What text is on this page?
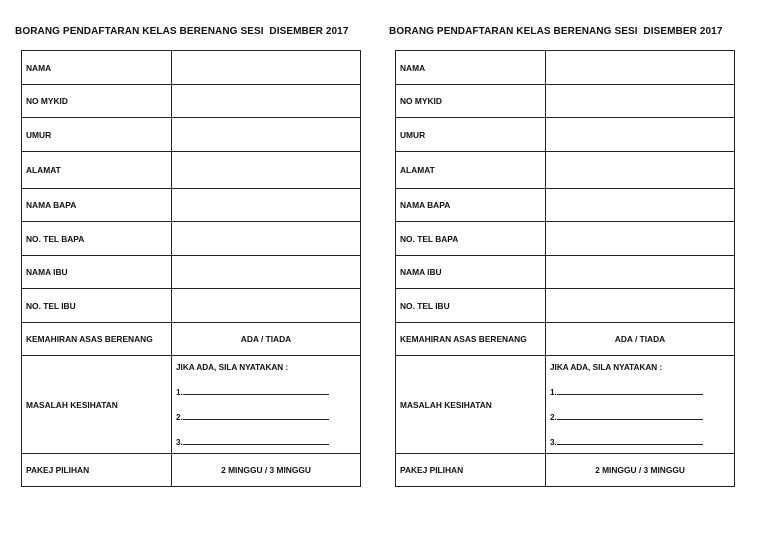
BORANG PENDAFTARAN KELAS BERENANG SESI  DISEMBER 2017
NAMA	
NO MYKID	
UMUR	
ALAMAT	
NAMA BAPA	
NO. TEL BAPA	
NAMA IBU	
NO. TEL IBU	
KEMAHIRAN ASAS BERENANG	ADA / TIADA
MASALAH KESIHATAN	JIKA ADA, SILA NYATAKAN :
1.
2.
3.

PAKEJ PILIHAN	2 MINGGU / 3 MINGGU
BORANG PENDAFTARAN KELAS BERENANG SESI  DISEMBER 2017
NAMA	
NO MYKID	
UMUR	
ALAMAT	
NAMA BAPA	
NO. TEL BAPA	
NAMA IBU	
NO. TEL IBU	
KEMAHIRAN ASAS BERENANG	ADA / TIADA
MASALAH KESIHATAN	JIKA ADA, SILA NYATAKAN :
1.
2.
3.

PAKEJ PILIHAN	2 MINGGU / 3 MINGGU
